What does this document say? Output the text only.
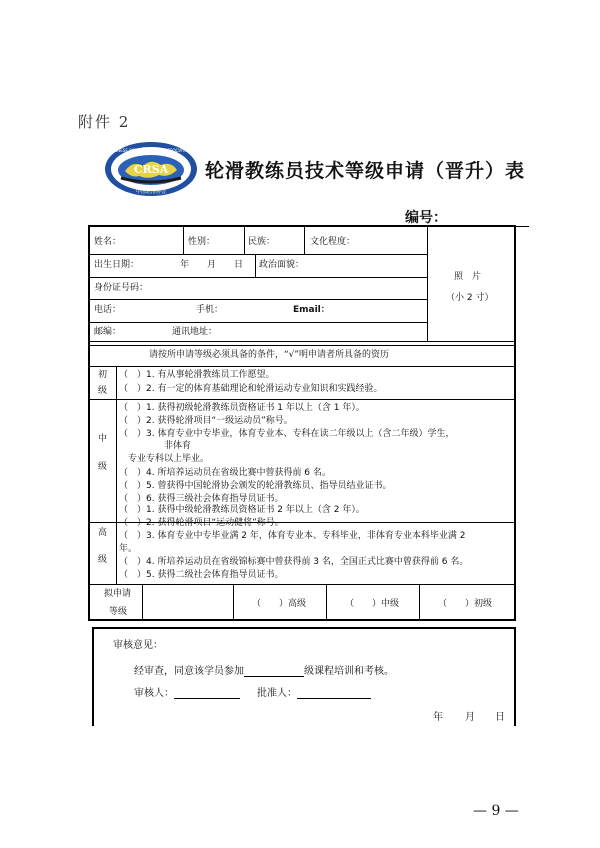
附件 2
CRSA
CHINESE ROLLER SKATING ASSOCIATION
中国轮滑协会
轮滑教练员技术等级申请（晋升）表
编号：
姓名：	性别：	民族：	文化程度：
出生日期：	年 月 日 政治面貌：
身份证号码：
电话：	手机：	Email：
邮编：	通讯地址：
照　片
（小 2 寸）
请按所申请等级必须具备的条件，“√”明申请者所具备的资历
初
级
（　）1. 有从事轮滑教练员工作愿望。
（　）2. 有一定的体育基础理论和轮滑运动专业知识和实践经验。
中
级
（　）1. 获得初级轮滑教练员资格证书 1 年以上（含 1 年）。
（　）2. 获得轮滑项目“一级运动员”称号。
（　）3. 体育专业中专毕业，体育专业本、专科在读二年级以上（含二年级）学生，
　　　　　非体育
　专业专科以上毕业。
（　）4. 所培养运动员在省级比赛中曾获得前 6 名。
（　）5. 曾获得中国轮滑协会颁发的轮滑教练员、指导员结业证书。
（　）6. 获得三级社会体育指导员证书。
高
级
（　）1. 获得中级轮滑教练员资格证书 2 年以上（含 2 年）。
（　）2. 获得轮滑项目“运动健将”称号。
（　）3. 体育专业中专毕业满 2 年，体育专业本、专科毕业，非体育专业本科毕业满 2
年。
（　）4. 所培养运动员在省级锦标赛中曾获得前 3 名，全国正式比赛中曾获得前 6 名。
（　）5. 获得二级社会体育指导员证书。
拟申请
等级
（　　）高级	（　　）中级	（　　）初级
审核意见：
经审查，同意该学员参加	级课程培训和考核。
审核人：	批准人：
年 月 日
— 9 —
